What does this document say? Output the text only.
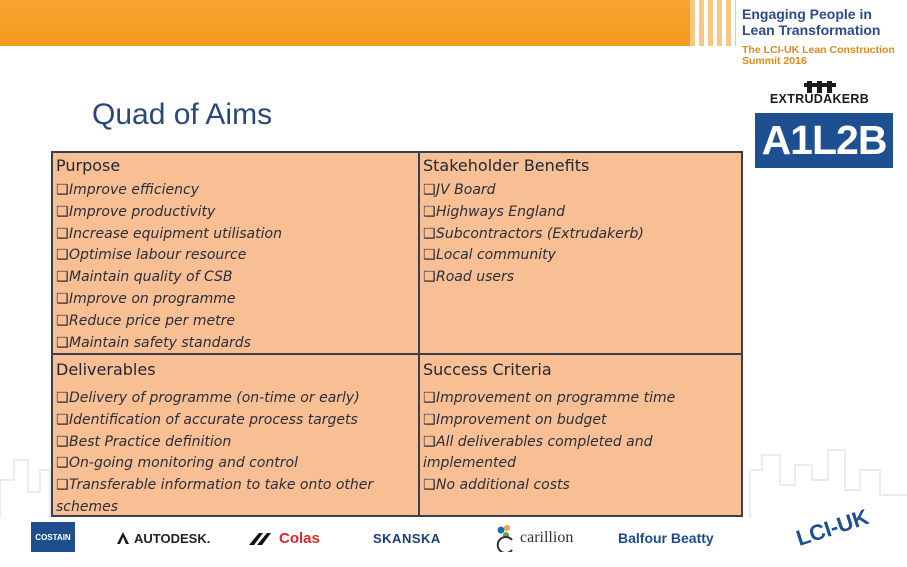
Engaging People in Lean Transformation
The LCI-UK Lean Construction Summit 2016
EXTRUDAKERB
A1L2B
Quad of Aims
Purpose
❑Improve efficiency
❑Improve productivity
❑Increase equipment utilisation
❑Optimise labour resource
❑Maintain quality of CSB
❑Improve on programme
❑Reduce price per metre
❑Maintain safety standards
Stakeholder Benefits
❑JV Board
❑Highways England
❑Subcontractors (Extrudakerb)
❑Local community
❑Road users
Deliverables
❑Delivery of programme (on-time or early)
❑Identification of accurate process targets
❑Best Practice definition
❑On-going monitoring and control
❑Transferable information to take onto other schemes
Success Criteria
❑Improvement on programme time
❑Improvement on budget
❑All deliverables completed and implemented
❑No additional costs
COSTAIN	AUTODESK.	Colas	SKANSKA	carillion	Balfour Beatty	LCI-UK
